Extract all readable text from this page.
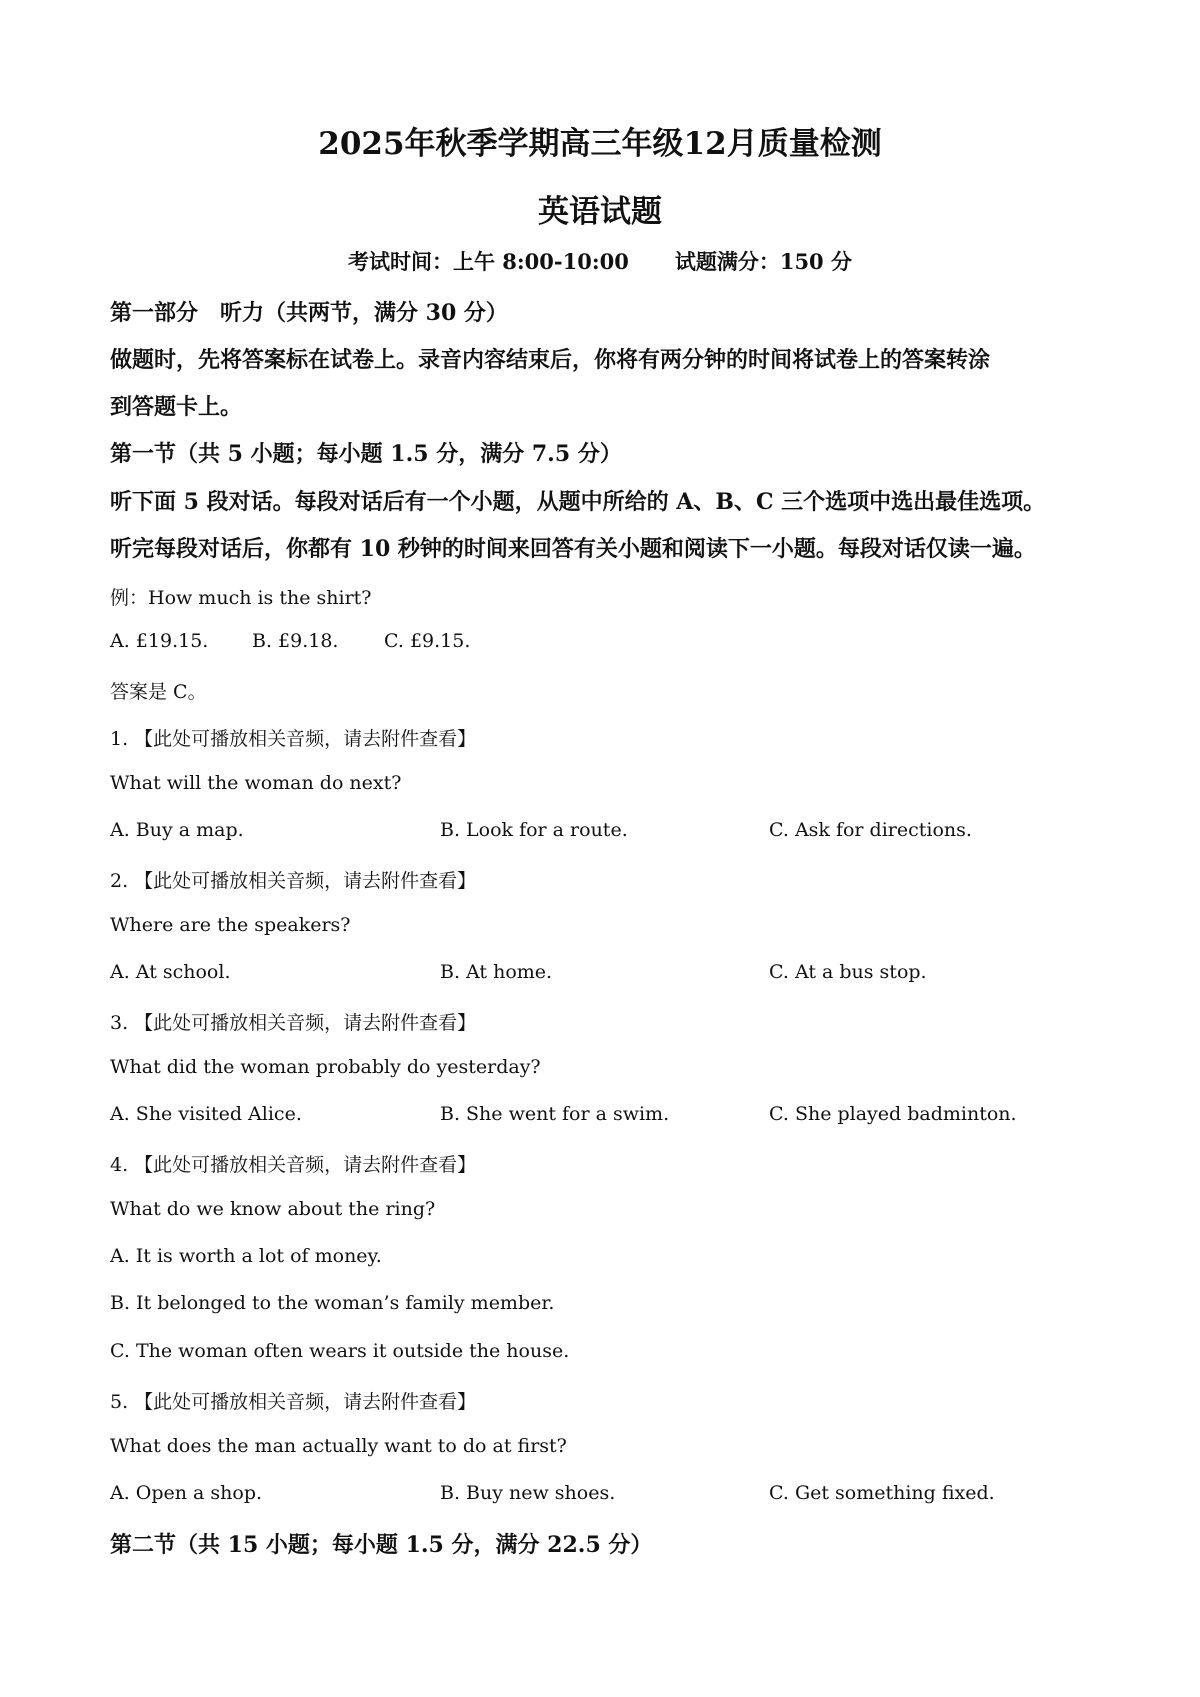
2025年秋季学期高三年级12月质量检测
英语试题
考试时间：上午 8:00-10:00 试题满分：150 分
第一部分　听力（共两节，满分 30 分）
做题时，先将答案标在试卷上。录音内容结束后，你将有两分钟的时间将试卷上的答案转涂
到答题卡上。
第一节（共 5 小题；每小题 1.5 分，满分 7.5 分）
听下面 5 段对话。每段对话后有一个小题，从题中所给的 A、B、C 三个选项中选出最佳选项。
听完每段对话后，你都有 10 秒钟的时间来回答有关小题和阅读下一小题。每段对话仅读一遍。
例：How much is the shirt?
A. £19.15. B. £9.18. C. £9.15.
答案是 C。
1. 【此处可播放相关音频，请去附件查看】
What will the woman do next?
A. Buy a map.	B. Look for a route.	C. Ask for directions.
2. 【此处可播放相关音频，请去附件查看】
Where are the speakers?
A. At school.	B. At home.	C. At a bus stop.
3. 【此处可播放相关音频，请去附件查看】
What did the woman probably do yesterday?
A. She visited Alice.	B. She went for a swim.	C. She played badminton.
4. 【此处可播放相关音频，请去附件查看】
What do we know about the ring?
A. It is worth a lot of money.
B. It belonged to the woman’s family member.
C. The woman often wears it outside the house.
5. 【此处可播放相关音频，请去附件查看】
What does the man actually want to do at first?
A. Open a shop.	B. Buy new shoes.	C. Get something fixed.
第二节（共 15 小题；每小题 1.5 分，满分 22.5 分）
